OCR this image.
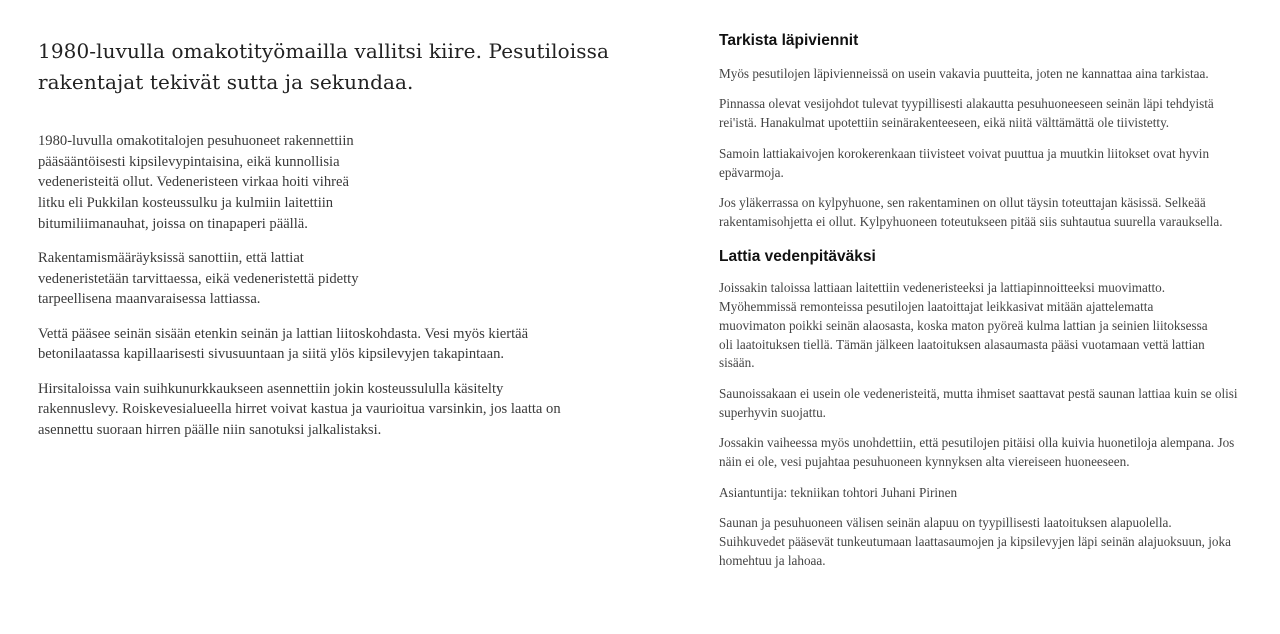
1980-luvulla omakotityömailla vallitsi kiire. Pesutiloissa rakentajat tekivät sutta ja sekundaa.

1980-luvulla omakotitalojen pesuhuoneet rakennettiin pääsääntöisesti kipsilevypintaisina, eikä kunnollisia vedeneristeitä ollut. Vedeneristeen virkaa hoiti vihreä litku eli Pukkilan kosteussulku ja kulmiin laitettiin bitumiliimanauhat, joissa on tinapaperi päällä.

Rakentamismääräyksissä sanottiin, että lattiat vedeneristetään tarvittaessa, eikä vedeneristettä pidetty tarpeellisena maanvaraisessa lattiassa.

Vettä pääsee seinän sisään etenkin seinän ja lattian liitoskohdasta. Vesi myös kiertää betonilaatassa kapillaarisesti sivusuuntaan ja siitä ylös kipsilevyjen takapintaan.

Hirsitaloissa vain suihkunurkkaukseen asennettiin jokin kosteussululla käsitelty rakennuslevy. Roiskevesialueella hirret voivat kastua ja vaurioitua varsinkin, jos laatta on asennettu suoraan hirren päälle niin sanotuksi jalkalistaksi.

Tarkista läpiviennit

Myös pesutilojen läpivienneissä on usein vakavia puutteita, joten ne kannattaa aina tarkistaa.

Pinnassa olevat vesijohdot tulevat tyypillisesti alakautta pesuhuoneeseen seinän läpi tehdyistä rei'istä. Hanakulmat upotettiin seinärakenteeseen, eikä niitä välttämättä ole tiivistetty.

Samoin lattiakaivojen korokerenkaan tiivisteet voivat puuttua ja muutkin liitokset ovat hyvin epävarmoja.

Jos yläkerrassa on kylpyhuone, sen rakentaminen on ollut täysin toteuttajan käsissä. Selkeää rakentamisohjetta ei ollut. Kylpyhuoneen toteutukseen pitää siis suhtautua suurella varauksella.

Lattia vedenpitäväksi

Joissakin taloissa lattiaan laitettiin vedeneristeeksi ja lattiapinnoitteeksi muovimatto. Myöhemmissä remonteissa pesutilojen laatoittajat leikkasivat mitään ajattelematta muovimaton poikki seinän alaosasta, koska maton pyöreä kulma lattian ja seinien liitoksessa oli laatoituksen tiellä. Tämän jälkeen laatoituksen alasaumasta pääsi vuotamaan vettä lattian sisään.

Saunoissakaan ei usein ole vedeneristeitä, mutta ihmiset saattavat pestä saunan lattiaa kuin se olisi superhyvin suojattu.

Jossakin vaiheessa myös unohdettiin, että pesutilojen pitäisi olla kuivia huonetiloja alempana. Jos näin ei ole, vesi pujahtaa pesuhuoneen kynnyksen alta viereiseen huoneeseen.

Asiantuntija: tekniikan tohtori Juhani Pirinen

Saunan ja pesuhuoneen välisen seinän alapuu on tyypillisesti laatoituksen alapuolella. Suihkuvedet pääsevät tunkeutumaan laattasaumojen ja kipsilevyjen läpi seinän alajuoksuun, joka homehtuu ja lahoaa.
